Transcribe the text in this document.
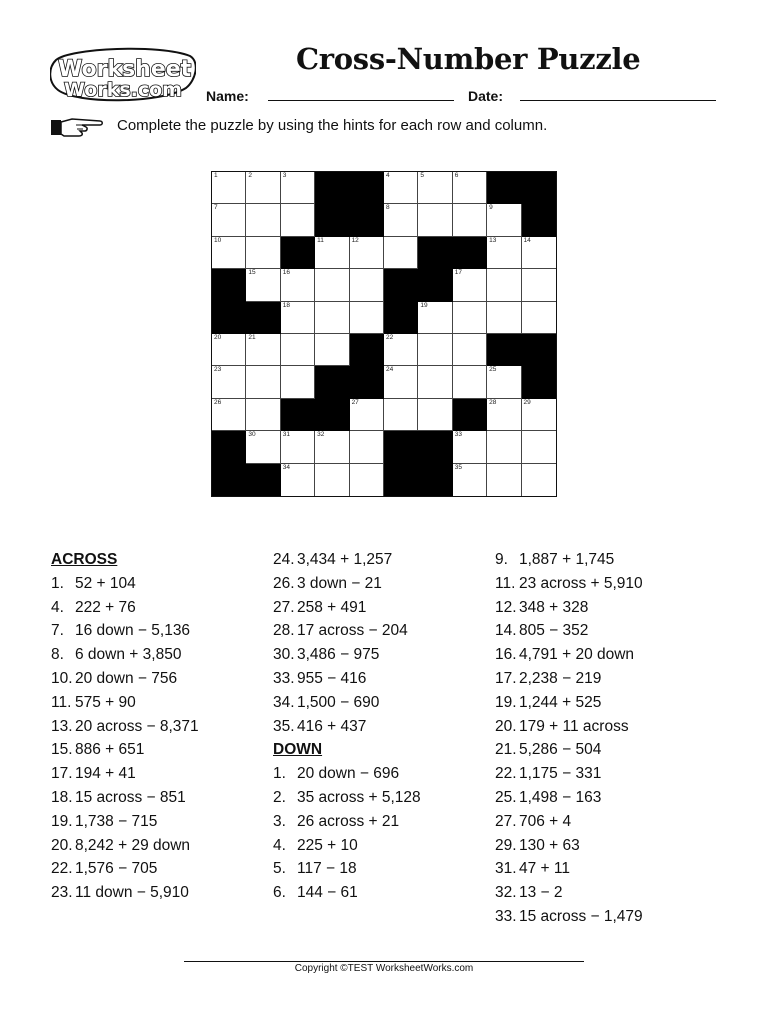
Worksheet
Works.com
Cross-Number Puzzle
Name:	Date:

Complete the puzzle by using the hints for each row and column.

1	2	3	4	5	6
7	8	9
10	11	12	13	14
15	16	17
18	19
20	21	22
23	24	25
26	27	28	29
30	31	32	33
34	35
ACROSS
1. 52 + 104
4. 222 + 76
7. 16 down − 5,136
8. 6 down + 3,850
10. 20 down − 756
11. 575 + 90
13. 20 across − 8,371
15. 886 + 651
17. 194 + 41
18. 15 across − 851
19. 1,738 − 715
20. 8,242 + 29 down
22. 1,576 − 705
23. 11 down − 5,910
24. 3,434 + 1,257
26. 3 down − 21
27. 258 + 491
28. 17 across − 204
30. 3,486 − 975
33. 955 − 416
34. 1,500 − 690
35. 416 + 437
DOWN
1. 20 down − 696
2. 35 across + 5,128
3. 26 across + 21
4. 225 + 10
5. 117 − 18
6. 144 − 61
9. 1,887 + 1,745
11. 23 across + 5,910
12. 348 + 328
14. 805 − 352
16. 4,791 + 20 down
17. 2,238 − 219
19. 1,244 + 525
20. 179 + 11 across
21. 5,286 − 504
22. 1,175 − 331
25. 1,498 − 163
27. 706 + 4
29. 130 + 63
31. 47 + 11
32. 13 − 2
33. 15 across − 1,479
Copyright ©TEST WorksheetWorks.com
